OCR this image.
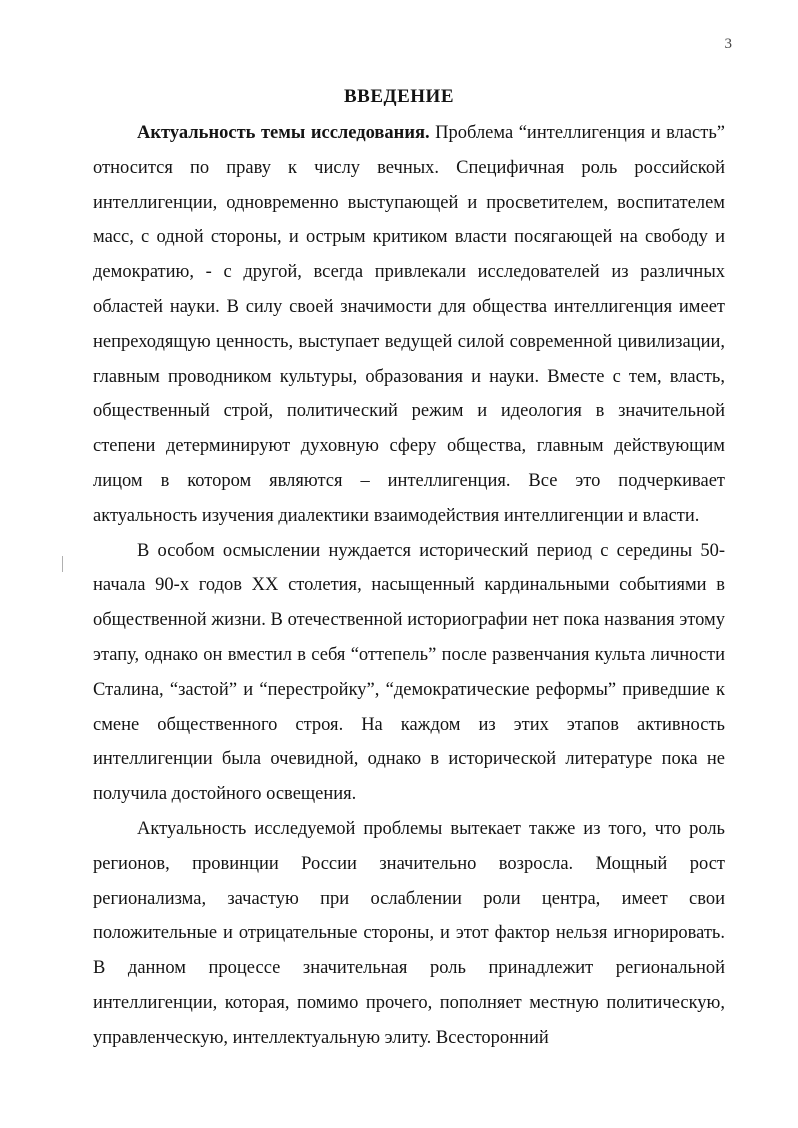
3
ВВЕДЕНИЕ

Актуальность темы исследования. Проблема “интеллигенция и власть” относится по праву к числу вечных. Специфичная роль российской интеллигенции, одновременно выступающей и просветителем, воспитателем масс, с одной стороны, и острым критиком власти посягающей на свободу и демократию, - с другой, всегда привлекали исследователей из различных областей науки. В силу своей значимости для общества интеллигенция имеет непреходящую ценность, выступает ведущей силой современной цивилизации, главным проводником культуры, образования и науки. Вместе с тем, власть, общественный строй, политический режим и идеология в значительной степени детерминируют духовную сферу общества, главным действующим лицом в котором являются – интеллигенция. Все это подчеркивает актуальность изучения диалектики взаимодействия интеллигенции и власти.

В особом осмыслении нуждается исторический период с середины 50-начала 90-х годов XX столетия, насыщенный кардинальными событиями в общественной жизни. В отечественной историографии нет пока названия этому этапу, однако он вместил в себя “оттепель” после развенчания культа личности Сталина, “застой” и “перестройку”, “демократические реформы” приведшие к смене общественного строя. На каждом из этих этапов активность интеллигенции была очевидной, однако в исторической литературе пока не получила достойного освещения.

Актуальность исследуемой проблемы вытекает также из того, что роль регионов, провинции России значительно возросла. Мощный рост регионализма, зачастую при ослаблении роли центра, имеет свои положительные и отрицательные стороны, и этот фактор нельзя игнорировать. В данном процессе значительная роль принадлежит региональной интеллигенции, которая, помимо прочего, пополняет местную политическую, управленческую, интеллектуальную элиту. Всесторонний
